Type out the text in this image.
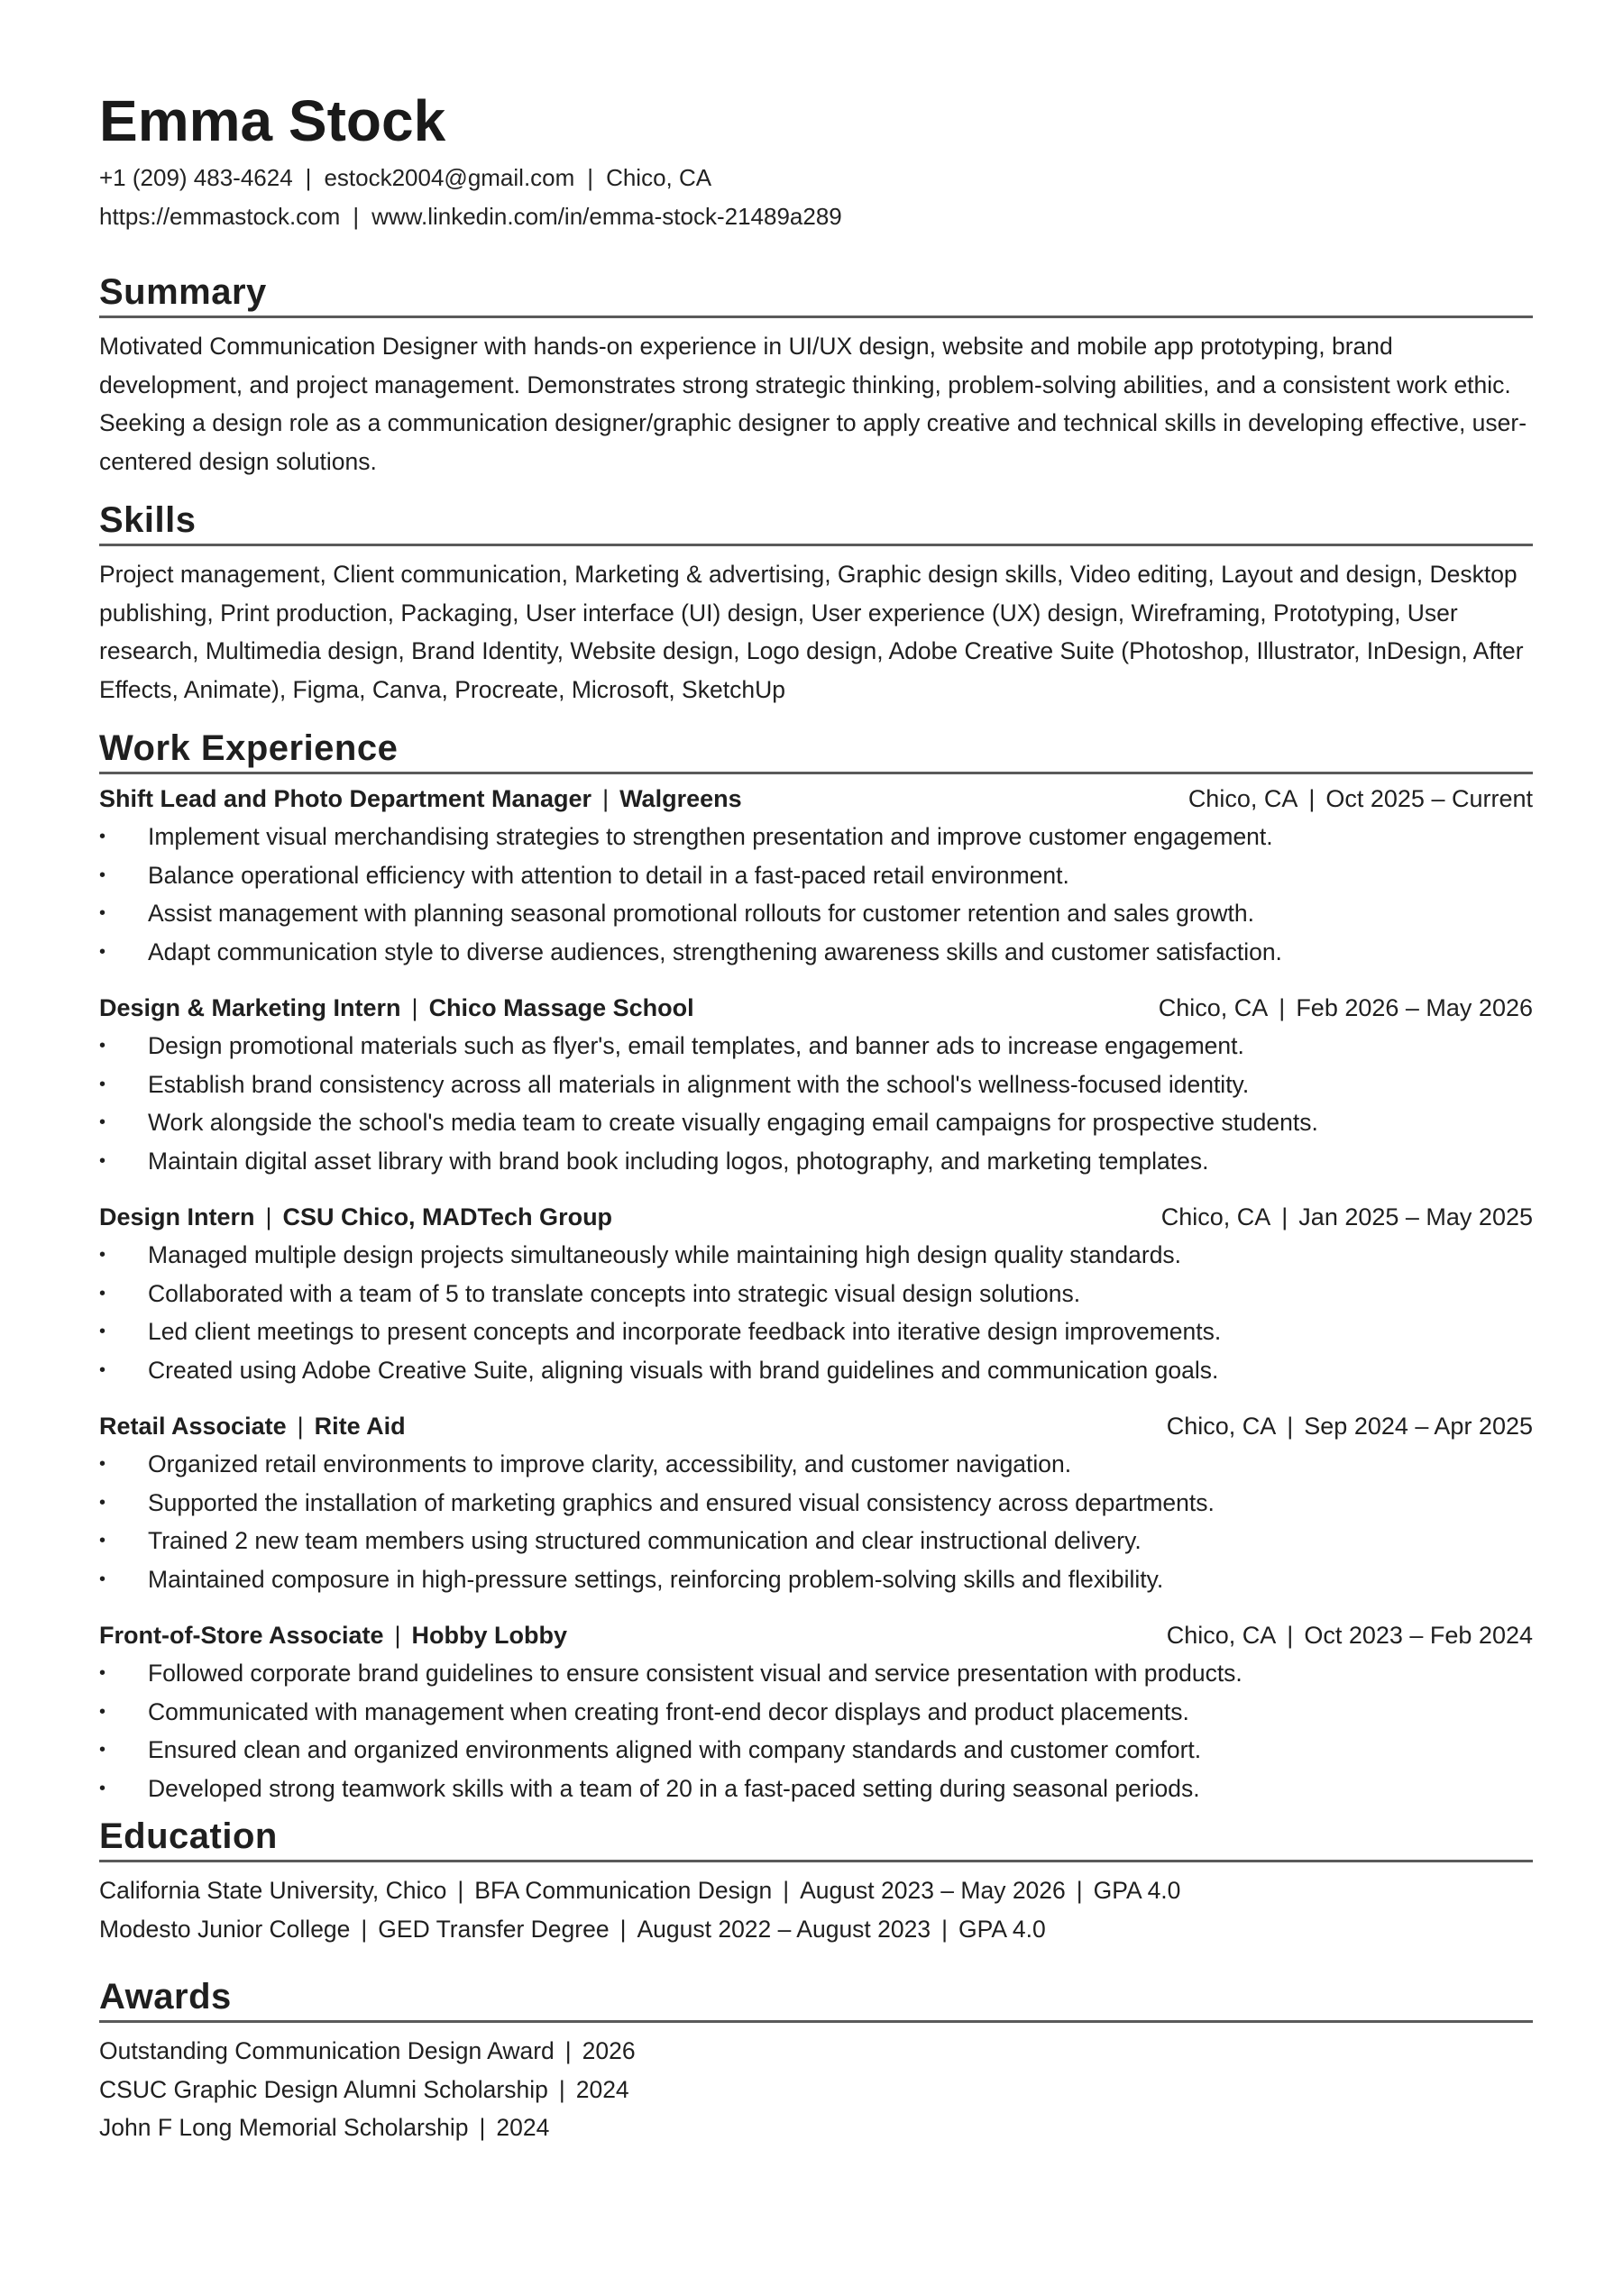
Emma Stock
+1 (209) 483-4624 | estock2004@gmail.com | Chico, CA
https://emmastock.com | www.linkedin.com/in/emma-stock-21489a289
Summary
Motivated Communication Designer with hands-on experience in UI/UX design, website and mobile app prototyping, brand development, and project management. Demonstrates strong strategic thinking, problem-solving abilities, and a consistent work ethic. Seeking a design role as a communication designer/graphic designer to apply creative and technical skills in developing effective, user-centered design solutions.
Skills
Project management, Client communication, Marketing & advertising, Graphic design skills, Video editing, Layout and design, Desktop publishing, Print production, Packaging, User interface (UI) design, User experience (UX) design, Wireframing, Prototyping, User research, Multimedia design, Brand Identity, Website design, Logo design, Adobe Creative Suite (Photoshop, Illustrator, InDesign, After Effects, Animate), Figma, Canva, Procreate, Microsoft, SketchUp
Work Experience
Shift Lead and Photo Department Manager | Walgreens	Chico, CA | Oct 2025 – Current
• Implement visual merchandising strategies to strengthen presentation and improve customer engagement.
• Balance operational efficiency with attention to detail in a fast-paced retail environment.
• Assist management with planning seasonal promotional rollouts for customer retention and sales growth.
• Adapt communication style to diverse audiences, strengthening awareness skills and customer satisfaction.
Design & Marketing Intern | Chico Massage School	Chico, CA | Feb 2026 – May 2026
• Design promotional materials such as flyer's, email templates, and banner ads to increase engagement.
• Establish brand consistency across all materials in alignment with the school's wellness-focused identity.
• Work alongside the school's media team to create visually engaging email campaigns for prospective students.
• Maintain digital asset library with brand book including logos, photography, and marketing templates.
Design Intern | CSU Chico, MADTech Group	Chico, CA | Jan 2025 – May 2025
• Managed multiple design projects simultaneously while maintaining high design quality standards.
• Collaborated with a team of 5 to translate concepts into strategic visual design solutions.
• Led client meetings to present concepts and incorporate feedback into iterative design improvements.
• Created using Adobe Creative Suite, aligning visuals with brand guidelines and communication goals.
Retail Associate | Rite Aid	Chico, CA | Sep 2024 – Apr 2025
• Organized retail environments to improve clarity, accessibility, and customer navigation.
• Supported the installation of marketing graphics and ensured visual consistency across departments.
• Trained 2 new team members using structured communication and clear instructional delivery.
• Maintained composure in high-pressure settings, reinforcing problem-solving skills and flexibility.
Front-of-Store Associate | Hobby Lobby	Chico, CA | Oct 2023 – Feb 2024
• Followed corporate brand guidelines to ensure consistent visual and service presentation with products.
• Communicated with management when creating front-end decor displays and product placements.
• Ensured clean and organized environments aligned with company standards and customer comfort.
• Developed strong teamwork skills with a team of 20 in a fast-paced setting during seasonal periods.
Education
California State University, Chico | BFA Communication Design | August 2023 – May 2026 | GPA 4.0
Modesto Junior College | GED Transfer Degree | August 2022 – August 2023 | GPA 4.0
Awards
Outstanding Communication Design Award | 2026
CSUC Graphic Design Alumni Scholarship | 2024
John F Long Memorial Scholarship | 2024
